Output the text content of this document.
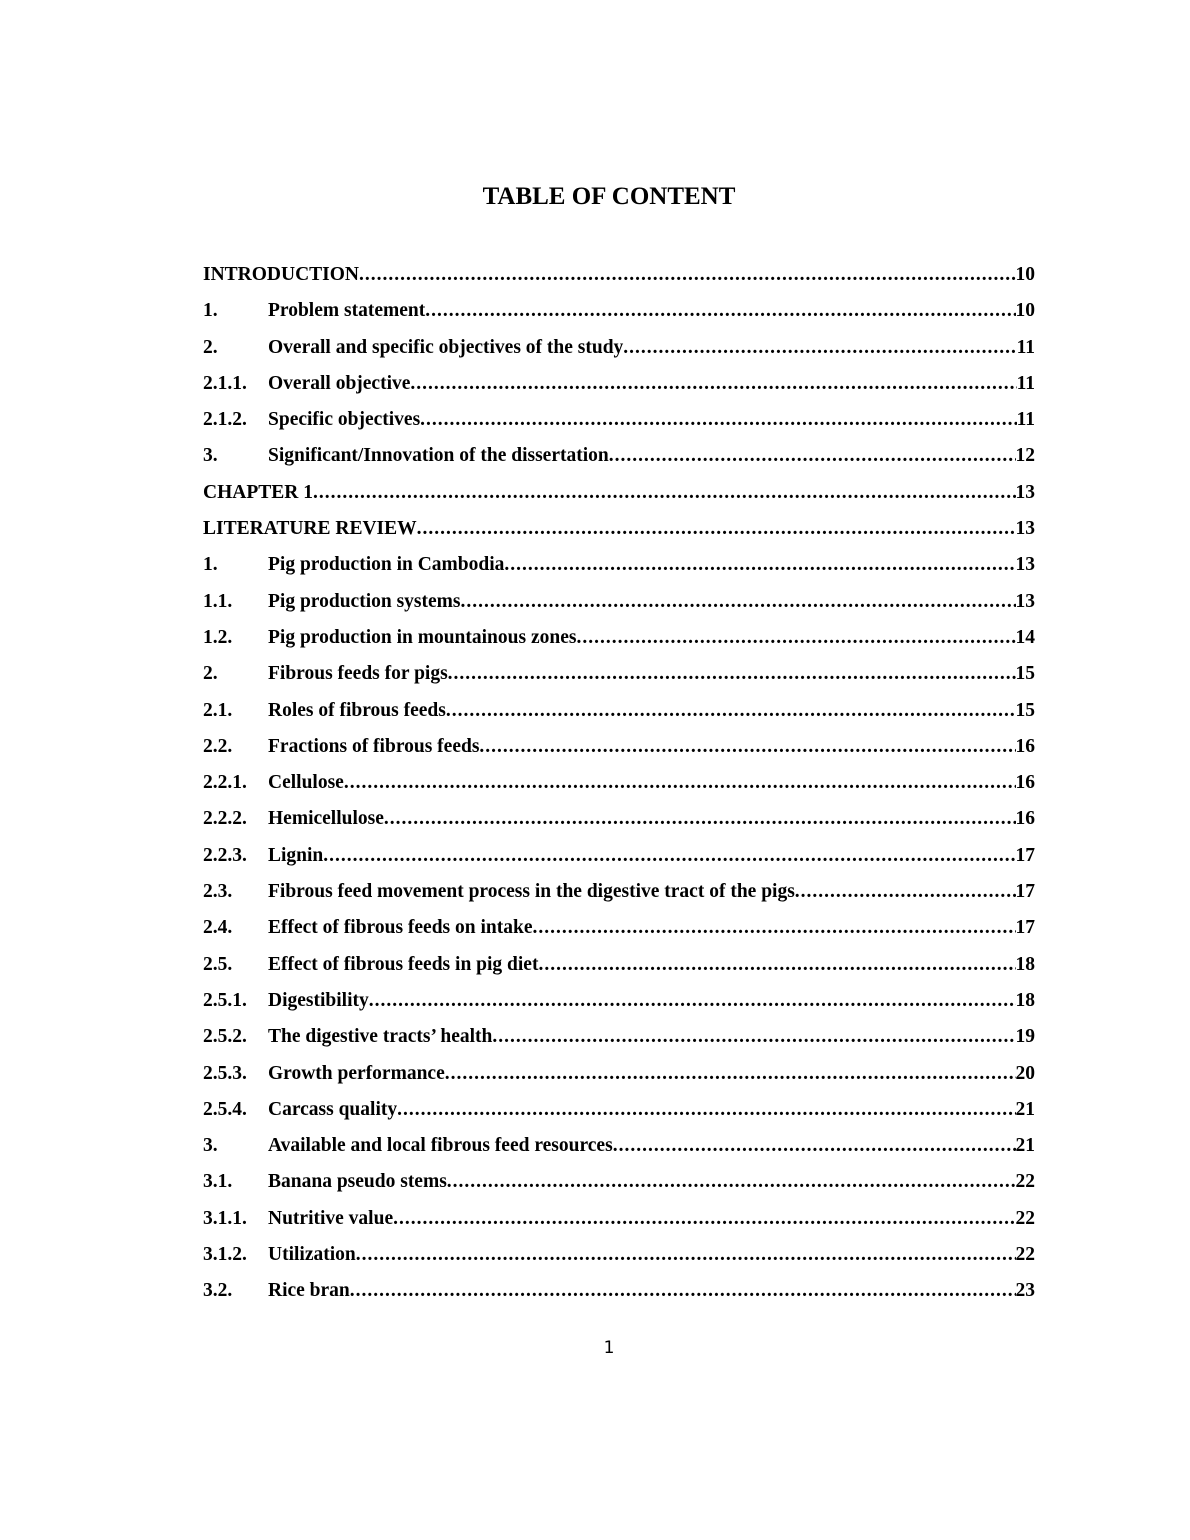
TABLE OF CONTENT
INTRODUCTION .....	10
1.	Problem statement .....	10
2.	Overall and specific objectives of the study .....	11
2.1.1.	Overall objective .....	11
2.1.2.	Specific objectives .....	11
3.	Significant/Innovation of the dissertation .....	12
CHAPTER 1 .....	13
LITERATURE REVIEW .....	13
1.	Pig production in Cambodia .....	13
1.1.	Pig production systems .....	13
1.2.	Pig production in mountainous zones .....	14
2.	Fibrous feeds for pigs .....	15
2.1.	Roles of fibrous feeds .....	15
2.2.	Fractions of fibrous feeds .....	16
2.2.1.	Cellulose .....	16
2.2.2.	Hemicellulose .....	16
2.2.3.	Lignin .....	17
2.3.	Fibrous feed movement process in the digestive tract of the pigs .....	17
2.4.	Effect of fibrous feeds on intake .....	17
2.5.	Effect of fibrous feeds in pig diet .....	18
2.5.1.	Digestibility .....	18
2.5.2.	The digestive tracts’ health .....	19
2.5.3.	Growth performance .....	20
2.5.4.	Carcass quality .....	21
3.	Available and local fibrous feed resources .....	21
3.1.	Banana pseudo stems .....	22
3.1.1.	Nutritive value .....	22
3.1.2.	Utilization .....	22
3.2.	Rice bran .....	23
1
